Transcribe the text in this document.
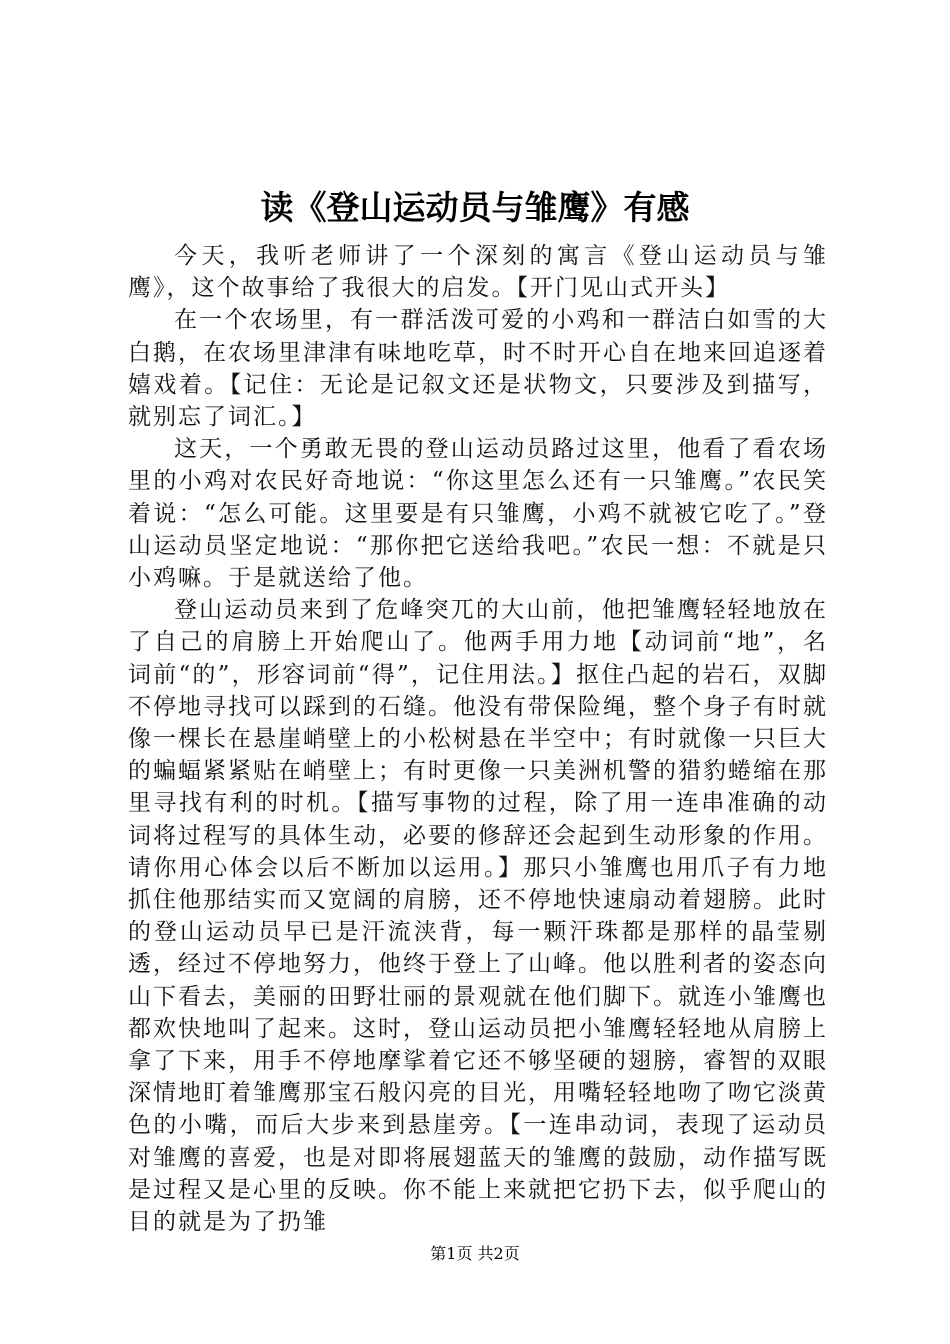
读《登山运动员与雏鹰》有感

今天，我听老师讲了一个深刻的寓言《登山运动员与雏鹰》，这个故事给了我很大的启发。【开门见山式开头】

在一个农场里，有一群活泼可爱的小鸡和一群洁白如雪的大白鹅，在农场里津津有味地吃草，时不时开心自在地来回追逐着嬉戏着。【记住：无论是记叙文还是状物文，只要涉及到描写，就别忘了词汇。】

这天，一个勇敢无畏的登山运动员路过这里，他看了看农场里的小鸡对农民好奇地说：“你这里怎么还有一只雏鹰。”农民笑着说：“怎么可能。这里要是有只雏鹰，小鸡不就被它吃了。”登山运动员坚定地说：“那你把它送给我吧。”农民一想：不就是只小鸡嘛。于是就送给了他。

登山运动员来到了危峰突兀的大山前，他把雏鹰轻轻地放在了自己的肩膀上开始爬山了。他两手用力地【动词前“地”，名词前“的”，形容词前“得”，记住用法。】抠住凸起的岩石，双脚不停地寻找可以踩到的石缝。他没有带保险绳，整个身子有时就像一棵长在悬崖峭壁上的小松树悬在半空中；有时就像一只巨大的蝙蝠紧紧贴在峭壁上；有时更像一只美洲机警的猎豹蜷缩在那里寻找有利的时机。【描写事物的过程，除了用一连串准确的动词将过程写的具体生动，必要的修辞还会起到生动形象的作用。请你用心体会以后不断加以运用。】那只小雏鹰也用爪子有力地抓住他那结实而又宽阔的肩膀，还不停地快速扇动着翅膀。此时的登山运动员早已是汗流浃背，每一颗汗珠都是那样的晶莹剔透，经过不停地努力，他终于登上了山峰。他以胜利者的姿态向山下看去，美丽的田野壮丽的景观就在他们脚下。就连小雏鹰也都欢快地叫了起来。这时，登山运动员把小雏鹰轻轻地从肩膀上拿了下来，用手不停地摩挲着它还不够坚硬的翅膀，睿智的双眼深情地盯着雏鹰那宝石般闪亮的目光，用嘴轻轻地吻了吻它淡黄色的小嘴，而后大步来到悬崖旁。【一连串动词，表现了运动员对雏鹰的喜爱，也是对即将展翅蓝天的雏鹰的鼓励，动作描写既是过程又是心里的反映。你不能上来就把它扔下去，似乎爬山的目的就是为了扔雏

第1页 共2页
